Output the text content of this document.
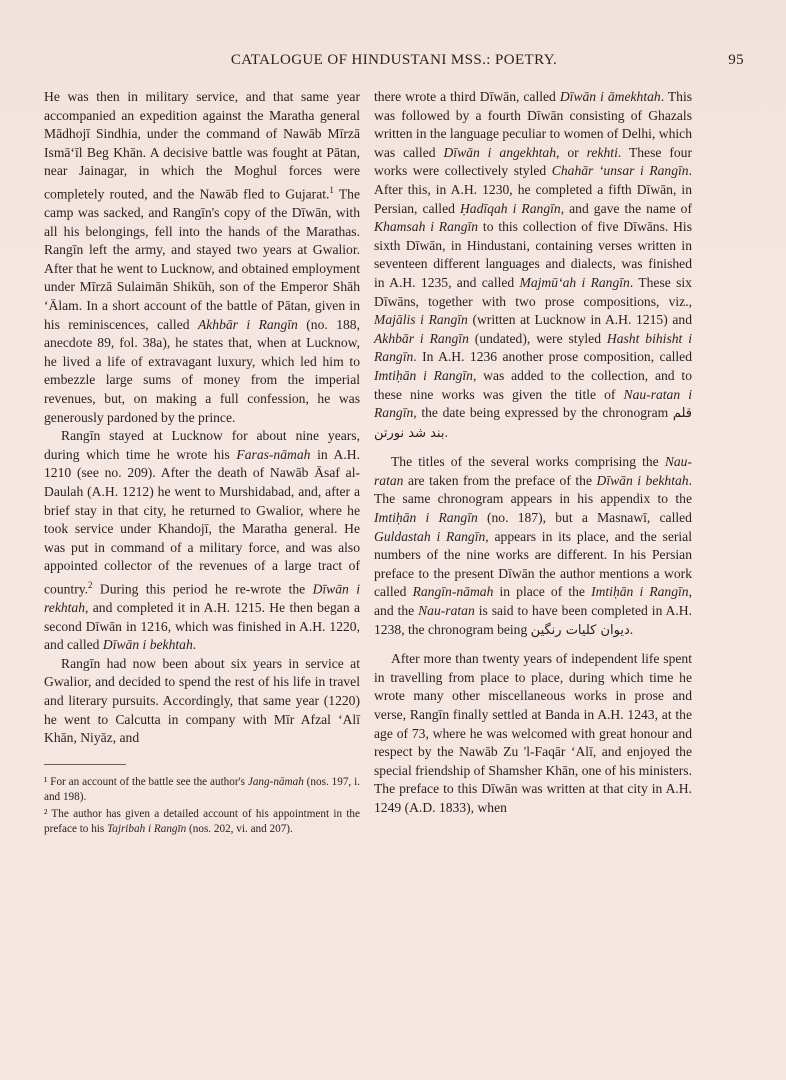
CATALOGUE OF HINDUSTANI MSS.: POETRY.	95

He was then in military service, and that same year accompanied an expedition against the Maratha general Mādhojī Sindhia, under the command of Nawāb Mīrzā Ismā‘īl Beg Khān. A decisive battle was fought at Pātan, near Jainagar, in which the Moghul forces were completely routed, and the Nawāb fled to Gujarat.$^1$ The camp was sacked, and Rangīn's copy of the Dīwān, with all his belongings, fell into the hands of the Marathas. Rangīn left the army, and stayed two years at Gwalior. After that he went to Lucknow, and obtained employment under Mīrzā Sulaimān Shikūh, son of the Emperor Shāh ‘Ālam. In a short account of the battle of Pātan, given in his reminiscences, called Akhbār i Rangīn (no. 188, anecdote 89, fol. 38a), he states that, when at Lucknow, he lived a life of extravagant luxury, which led him to embezzle large sums of money from the imperial revenues, but, on making a full confession, he was generously pardoned by the prince.

Rangīn stayed at Lucknow for about nine years, during which time he wrote his Faras-nāmah in A.H. 1210 (see no. 209). After the death of Nawāb Āsaf al-Daulah (A.H. 1212) he went to Murshidabad, and, after a brief stay in that city, he returned to Gwalior, where he took service under Khandojī, the Maratha general. He was put in command of a military force, and was also appointed collector of the revenues of a large tract of country.$^2$ During this period he re-wrote the Dīwān i rekhtah, and completed it in A.H. 1215. He then began a second Dīwān in 1216, which was finished in A.H. 1220, and called Dīwān i bekhtah.

Rangīn had now been about six years in service at Gwalior, and decided to spend the rest of his life in travel and literary pursuits. Accordingly, that same year (1220) he went to Calcutta in company with Mīr Afzal ‘Alī Khān, Niyāz, and

¹ For an account of the battle see the author's Jang-nāmah (nos. 197, i. and 198).

² The author has given a detailed account of his appointment in the preface to his Tajribah i Rangīn (nos. 202, vi. and 207).

there wrote a third Dīwān, called Dīwān i āmekhtah. This was followed by a fourth Dīwān consisting of Ghazals written in the language peculiar to women of Delhi, which was called Dīwān i angekhtah, or rekhti. These four works were collectively styled Chahār ‘unsar i Rangīn. After this, in A.H. 1230, he completed a fifth Dīwān, in Persian, called Ḥadīqah i Rangīn, and gave the name of Khamsah i Rangīn to this collection of five Dīwāns. His sixth Dīwān, in Hindustani, containing verses written in seventeen different languages and dialects, was finished in A.H. 1235, and called Majmū‘ah i Rangīn. These six Dīwāns, together with two prose compositions, viz., Majālis i Rangīn (written at Lucknow in A.H. 1215) and Akhbār i Rangīn (undated), were styled Hasht bihisht i Rangīn. In A.H. 1236 another prose composition, called Imtiḥān i Rangīn, was added to the collection, and to these nine works was given the title of Nau-ratan i Rangīn, the date being expressed by the chronogram قلم بند شد نورتن.

The titles of the several works comprising the Nau-ratan are taken from the preface of the Dīwān i bekhtah. The same chronogram appears in his appendix to the Imtiḥān i Rangīn (no. 187), but a Masnawī, called Guldastah i Rangīn, appears in its place, and the serial numbers of the nine works are different. In his Persian preface to the present Dīwān the author mentions a work called Rangīn-nāmah in place of the Imtiḥān i Rangīn, and the Nau-ratan is said to have been completed in A.H. 1238, the chronogram being دیوان کلیات رنگین.

After more than twenty years of independent life spent in travelling from place to place, during which time he wrote many other miscellaneous works in prose and verse, Rangīn finally settled at Banda in A.H. 1243, at the age of 73, where he was welcomed with great honour and respect by the Nawāb Zu 'l-Faqār ‘Alī, and enjoyed the special friendship of Shamsher Khān, one of his ministers. The preface to this Dīwān was written at that city in A.H. 1249 (A.D. 1833), when
